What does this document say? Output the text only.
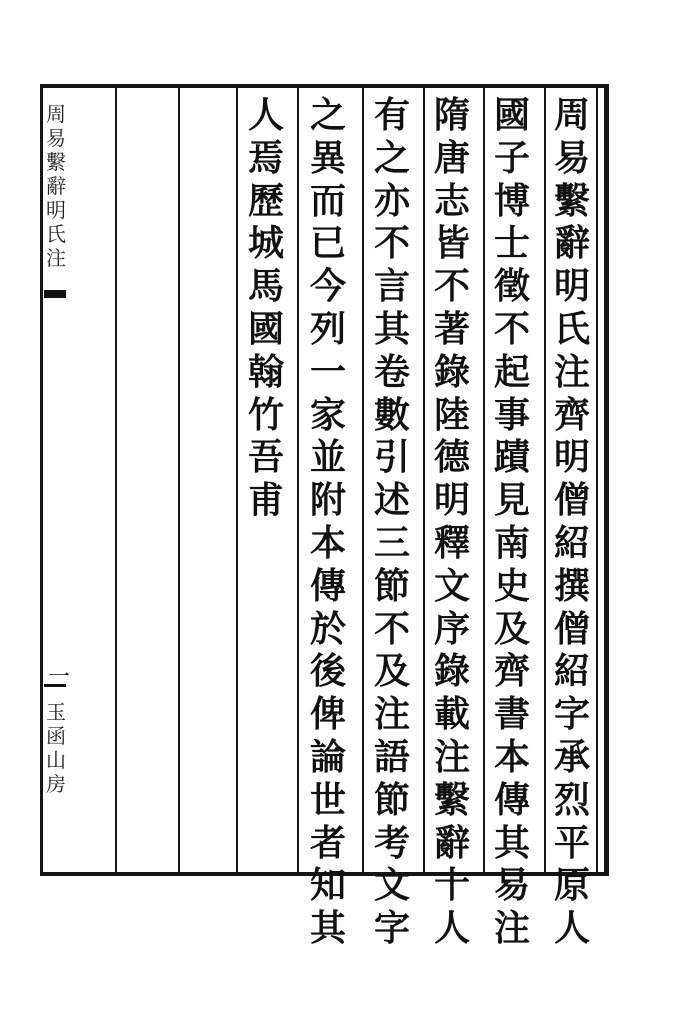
周
易
繫
辭
明
氏
注
齊
明
僧
紹
撰
僧
紹
字
承
烈
平
原
人
國
子
博
士
徵
不
起
事
蹟
見
南
史
及
齊
書
本
傳
其
易
注
隋
唐
志
皆
不
著
錄
陸
德
明
釋
文
序
錄
載
注
繫
辭
十
人
有
之
亦
不
言
其
卷
數
引
述
三
節
不
及
注
語
節
考
文
字
之
異
而
已
今
列
一
家
並
附
本
傳
於
後
俾
論
世
者
知
其
人
焉
歷
城
馬
國
翰
竹
吾
甫
周
易
繫
辭
明
氏
注
一
玉
函
山
房
